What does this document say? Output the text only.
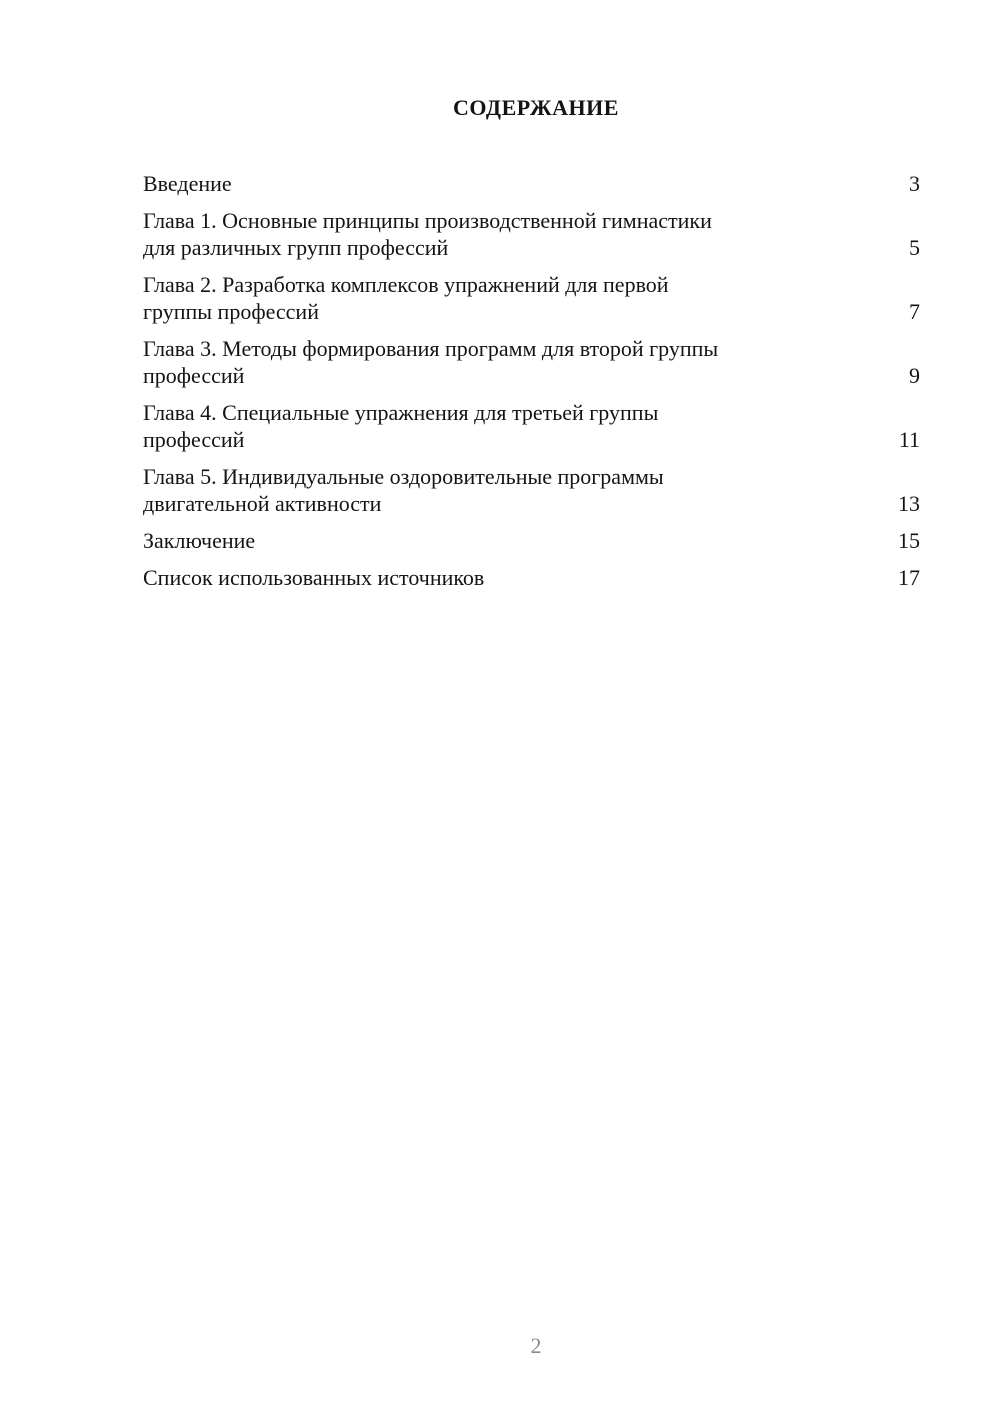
СОДЕРЖАНИЕ
Введение	3
Глава 1. Основные принципы производственной гимнастики
для различных групп профессий	5
Глава 2. Разработка комплексов упражнений для первой
группы профессий	7
Глава 3. Методы формирования программ для второй группы
профессий	9
Глава 4. Специальные упражнения для третьей группы
профессий	11
Глава 5. Индивидуальные оздоровительные программы
двигательной активности	13
Заключение	15
Список использованных источников	17
2
